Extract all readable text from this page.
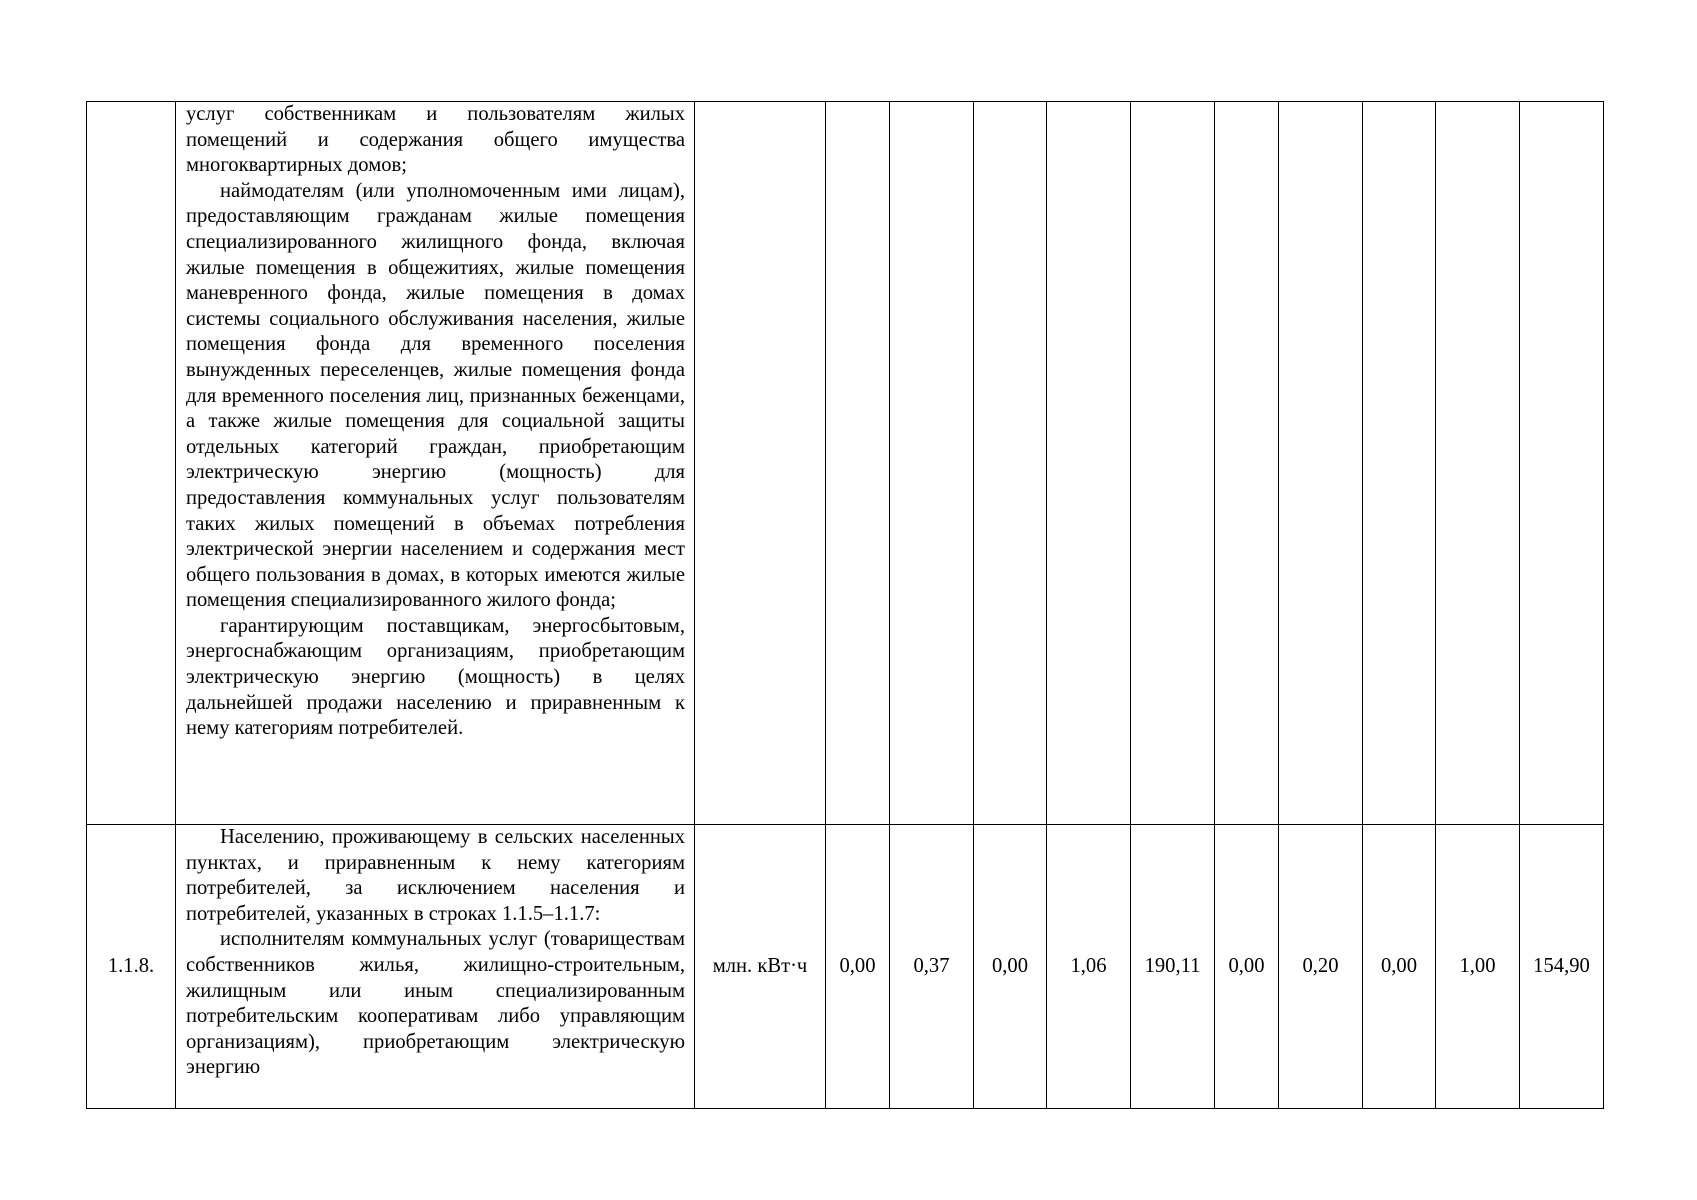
	услуг собственникам и пользователям жилых помещений и содержания общего имущества многоквартирных домов;

наймодателям (или уполномоченным ими лицам), предоставляющим гражданам жилые помещения специализированного жилищного фонда, включая жилые помещения в общежитиях, жилые помещения маневренного фонда, жилые помещения в домах системы социального обслуживания населения, жилые помещения фонда для временного поселения вынужденных переселенцев, жилые помещения фонда для временного поселения лиц, признанных беженцами, а также жилые помещения для социальной защиты отдельных категорий граждан, приобретающим электрическую энергию (мощность) для предоставления коммунальных услуг пользователям таких жилых помещений в объемах потребления электрической энергии населением и содержания мест общего пользования в домах, в которых имеются жилые помещения специализированного жилого фонда;

гарантирующим поставщикам, энергосбытовым, энергоснабжающим организациям, приобретающим электрическую энергию (мощность) в целях дальнейшей продажи населению и приравненным к нему категориям потребителей.											

1.1.8.	Населению, проживающему в сельских населенных пунктах, и приравненным к нему категориям потребителей, за исключением населения и потребителей, указанных в строках 1.1.5–1.1.7:

исполнителям коммунальных услуг (товариществам собственников жилья, жилищно-строительным, жилищным или иным специализированным потребительским кооперативам либо управляющим организациям), приобретающим электрическую энергию	млн. кВт·ч	0,00	0,37	0,00	1,06	190,11	0,00	0,20	0,00	1,00	154,90
